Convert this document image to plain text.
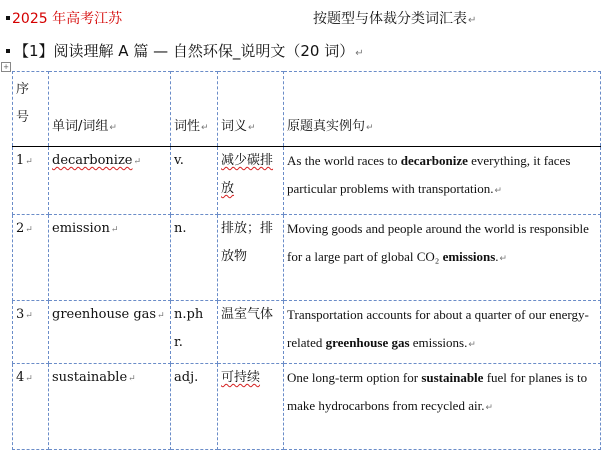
2025 年高考江苏	按题型与体裁分类词汇表↵
【1】阅读理解 A 篇 — 自然环保_说明文（20 词）↵
+
序号	单词/词组↵	词性↵	词义↵	原题真实例句↵
1↵	decarbonize↵	v.	减少碳排放	As the world races to decarbonize everything, it faces particular problems with transportation.↵
2↵	emission↵	n.	排放；排放物	Moving goods and people around the world is responsible for a large part of global CO₂ emissions.↵
3↵	greenhouse gas↵	n.phr.	温室气体	Transportation accounts for about a quarter of our energy-related greenhouse gas emissions.↵
4↵	sustainable↵	adj.	可持续	One long-term option for sustainable fuel for planes is to make hydrocarbons from recycled air.↵
